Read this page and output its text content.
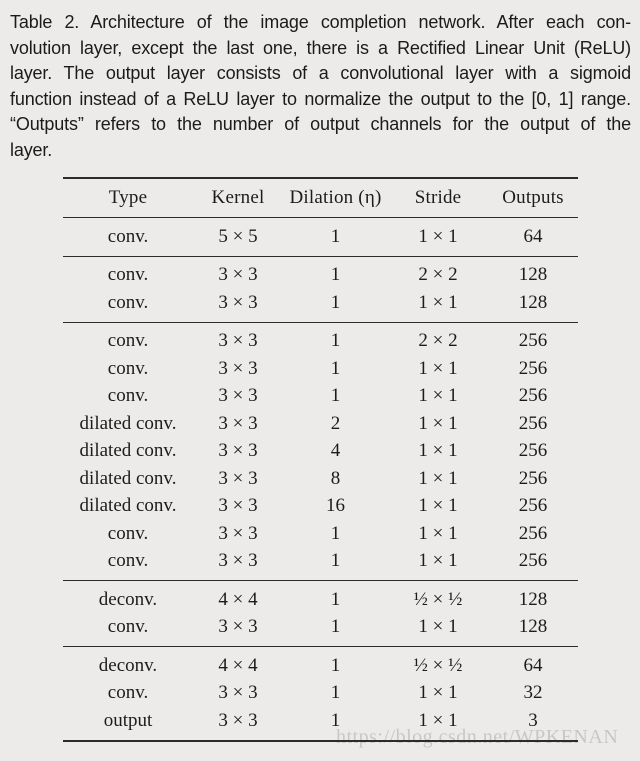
Table 2. Architecture of the image completion network. After each con-
volution layer, except the last one, there is a Rectified Linear Unit (ReLU)
layer. The output layer consists of a convolutional layer with a sigmoid
function instead of a ReLU layer to normalize the output to the [0, 1] range.
“Outputs” refers to the number of output channels for the output of the
layer.
Type	Kernel	Dilation (η)	Stride	Outputs
conv.	5 × 5	1	1 × 1	64
conv.	3 × 3	1	2 × 2	128
conv.	3 × 3	1	1 × 1	128
conv.	3 × 3	1	2 × 2	256
conv.	3 × 3	1	1 × 1	256
conv.	3 × 3	1	1 × 1	256
dilated conv.	3 × 3	2	1 × 1	256
dilated conv.	3 × 3	4	1 × 1	256
dilated conv.	3 × 3	8	1 × 1	256
dilated conv.	3 × 3	16	1 × 1	256
conv.	3 × 3	1	1 × 1	256
conv.	3 × 3	1	1 × 1	256
deconv.	4 × 4	1	½ × ½	128
conv.	3 × 3	1	1 × 1	128
deconv.	4 × 4	1	½ × ½	64
conv.	3 × 3	1	1 × 1	32
output	3 × 3	1	1 × 1	3
https://blog.csdn.net/WPKENAN
